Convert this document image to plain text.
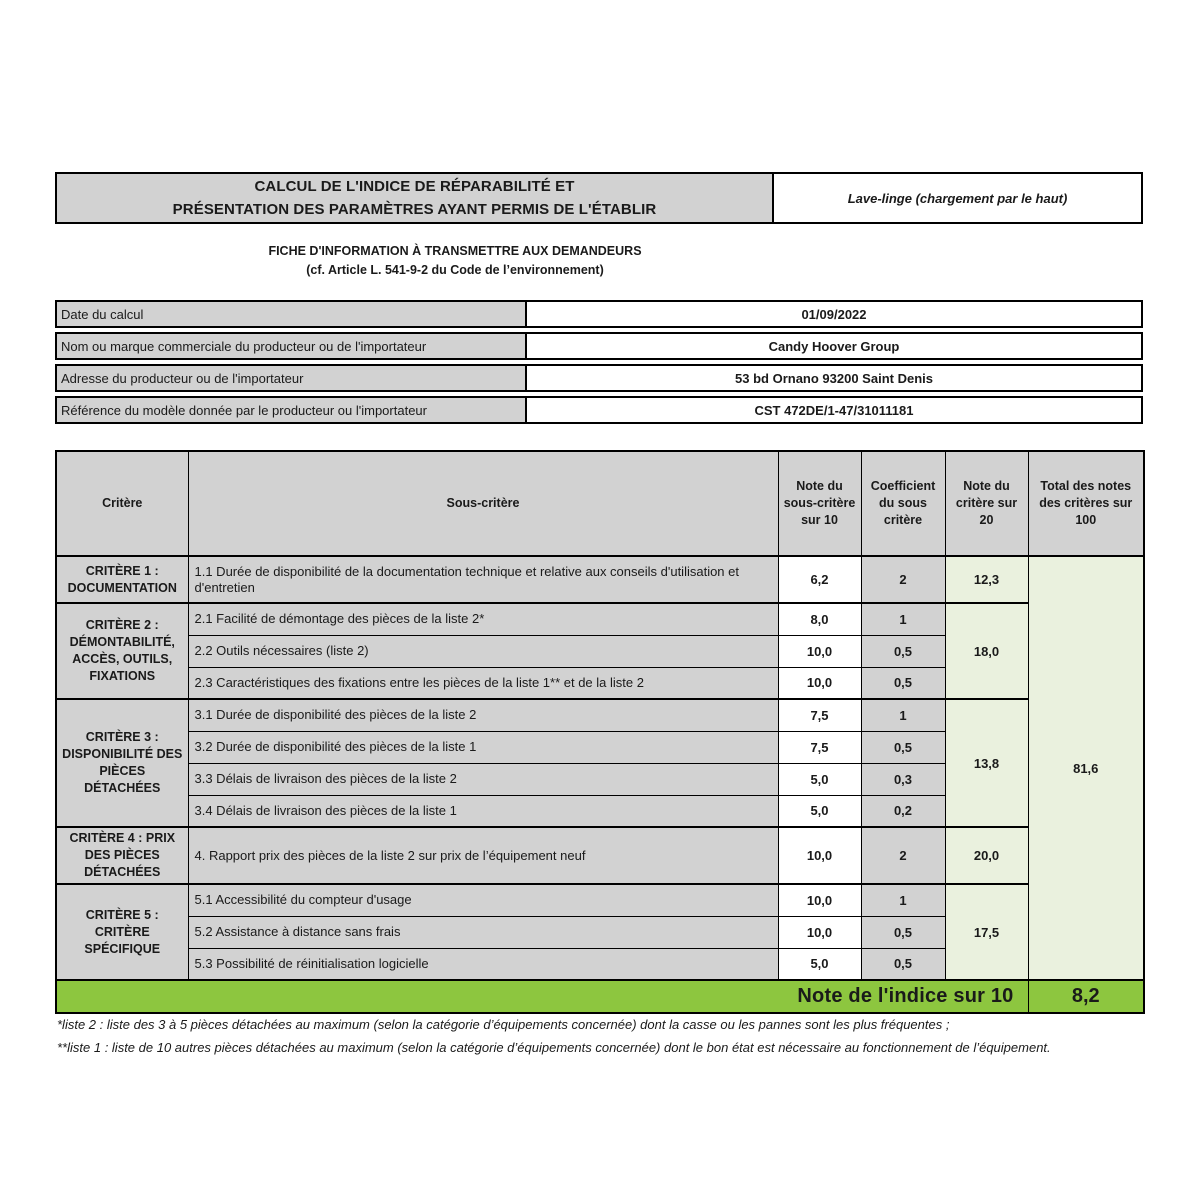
CALCUL DE L'INDICE DE RÉPARABILITÉ ET
PRÉSENTATION DES PARAMÈTRES AYANT PERMIS DE L'ÉTABLIR
Lave-linge (chargement par le haut)
FICHE D'INFORMATION À TRANSMETTRE AUX DEMANDEURS
(cf. Article L. 541-9-2 du Code de l’environnement)
Date du calcul	01/09/2022
Nom ou marque commerciale du producteur ou de l'importateur	Candy Hoover Group
Adresse du producteur ou de l'importateur	53 bd Ornano 93200 Saint Denis
Référence du modèle donnée par le producteur ou l'importateur	CST 472DE/1-47/31011181
Critère	Sous-critère	Note du sous-critère sur 10	Coefficient du sous critère	Note du critère sur 20	Total des notes des critères sur 100
CRITÈRE 1 : DOCUMENTATION	1.1 Durée de disponibilité de la documentation technique et relative aux conseils d'utilisation et d'entretien	6,2	2	12,3	81,6
CRITÈRE 2 : DÉMONTABILITÉ, ACCÈS, OUTILS, FIXATIONS	2.1 Facilité de démontage des pièces de la liste 2*	8,0	1	18,0	
	2.2 Outils nécessaires (liste 2)	10,0	0,5		
	2.3 Caractéristiques des fixations entre les pièces de la liste 1** et de la liste 2	10,0	0,5		
CRITÈRE 3 : DISPONIBILITÉ DES PIÈCES DÉTACHÉES	3.1 Durée de disponibilité des pièces de la liste 2	7,5	1	13,8	
	3.2 Durée de disponibilité des pièces de la liste 1	7,5	0,5		
	3.3 Délais de livraison des pièces de la liste 2	5,0	0,3		
	3.4 Délais de livraison des pièces de la liste 1	5,0	0,2		
CRITÈRE 4 : PRIX DES PIÈCES DÉTACHÉES	4. Rapport prix des pièces de la liste 2 sur prix de l’équipement neuf	10,0	2	20,0	
CRITÈRE 5 : CRITÈRE SPÉCIFIQUE	5.1 Accessibilité du compteur d'usage	10,0	1	17,5	
	5.2 Assistance à distance sans frais	10,0	0,5		
	5.3 Possibilité de réinitialisation logicielle	5,0	0,5		
Note de l'indice sur 10					8,2
*liste 2 : liste des 3 à 5 pièces détachées au maximum (selon la catégorie d’équipements concernée) dont la casse ou les pannes sont les plus fréquentes ;
**liste 1 : liste de 10 autres pièces détachées au maximum (selon la catégorie d’équipements concernée) dont le bon état est nécessaire au fonctionnement de l’équipement.
